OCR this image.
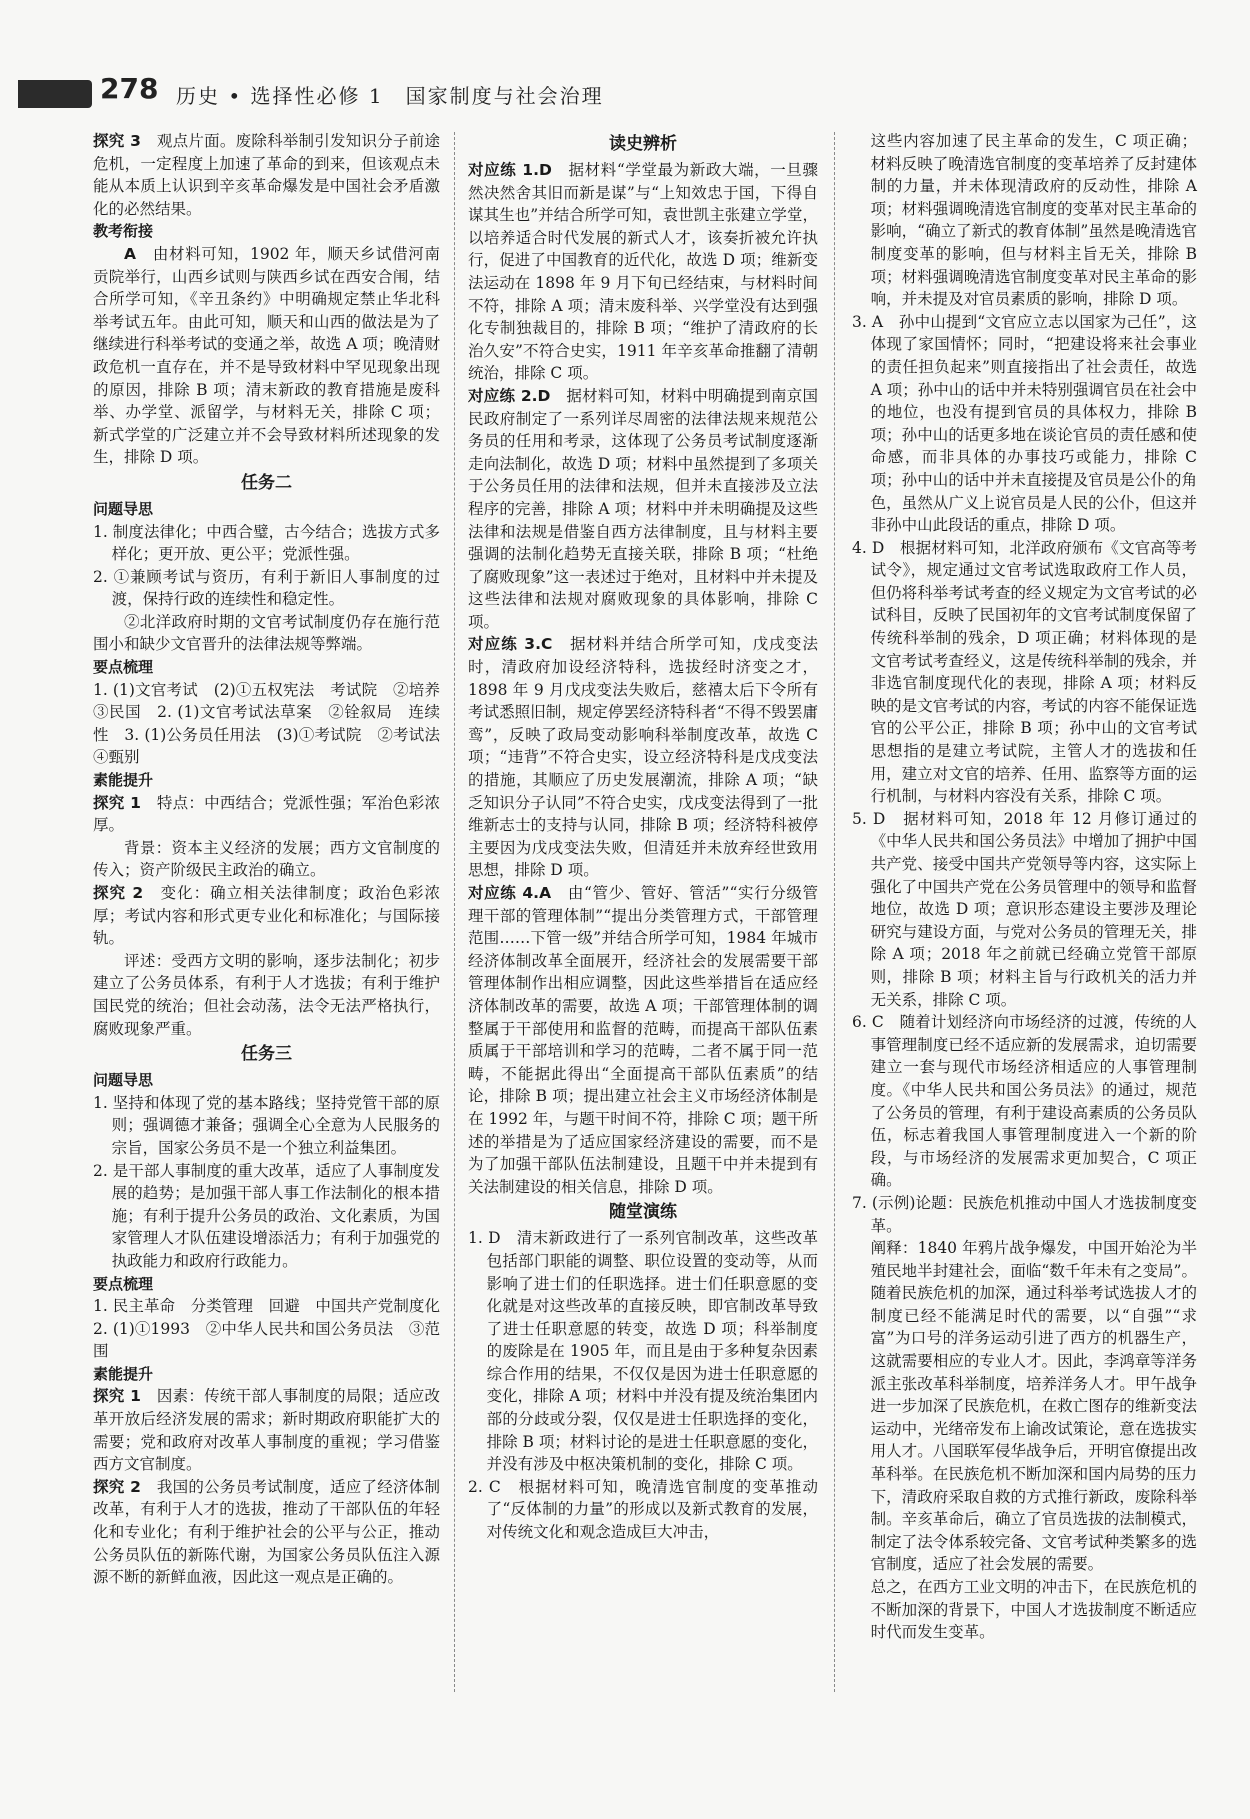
278 历史 • 选择性必修 1　国家制度与社会治理
探究 3　 观点片面。废除科举制引发知识分子前途危机，一定程度上加速了革命的到来，但该观点未能从本质上认识到辛亥革命爆发是中国社会矛盾激化的必然结果。
教考衔接
A　 由材料可知，1902 年，顺天乡试借河南贡院举行，山西乡试则与陕西乡试在西安合闱，结合所学可知，《辛丑条约》中明确规定禁止华北科举考试五年。由此可知，顺天和山西的做法是为了继续进行科举考试的变通之举，故选 A 项；晚清财政危机一直存在，并不是导致材料中罕见现象出现的原因，排除 B 项；清末新政的教育措施是废科举、办学堂、派留学，与材料无关，排除 C 项；新式学堂的广泛建立并不会导致材料所述现象的发生，排除 D 项。
任务二
问题导思
1. 制度法律化；中西合璧，古今结合；选拔方式多样化；更开放、更公平；党派性强。
2. ①兼顾考试与资历，有利于新旧人事制度的过渡，保持行政的连续性和稳定性。
②北洋政府时期的文官考试制度仍存在施行范围小和缺少文官晋升的法律法规等弊端。
要点梳理
1. (1)文官考试　(2)①五权宪法　考试院　②培养　③民国　2. (1)文官考试法草案　②铨叙局　连续性　3. (1)公务员任用法　(3)①考试院　②考试法　④甄别
素能提升
探究 1　 特点：中西结合；党派性强；军治色彩浓厚。
背景：资本主义经济的发展；西方文官制度的传入；资产阶级民主政治的确立。
探究 2　 变化：确立相关法律制度；政治色彩浓厚；考试内容和形式更专业化和标准化；与国际接轨。
评述：受西方文明的影响，逐步法制化；初步建立了公务员体系，有利于人才选拔；有利于维护国民党的统治；但社会动荡，法令无法严格执行，腐败现象严重。
任务三
问题导思
1. 坚持和体现了党的基本路线；坚持党管干部的原则；强调德才兼备；强调全心全意为人民服务的宗旨，国家公务员不是一个独立利益集团。
2. 是干部人事制度的重大改革，适应了人事制度发展的趋势；是加强干部人事工作法制化的根本措施；有利于提升公务员的政治、文化素质，为国家管理人才队伍建设增添活力；有利于加强党的执政能力和政府行政能力。
要点梳理
1. 民主革命　分类管理　回避　中国共产党制度化　2. (1)①1993　②中华人民共和国公务员法　③范围
素能提升
探究 1　 因素：传统干部人事制度的局限；适应改革开放后经济发展的需求；新时期政府职能扩大的需要；党和政府对改革人事制度的重视；学习借鉴西方文官制度。
探究 2　 我国的公务员考试制度，适应了经济体制改革，有利于人才的选拔，推动了干部队伍的年轻化和专业化；有利于维护社会的公平与公正，推动公务员队伍的新陈代谢，为国家公务员队伍注入源源不断的新鲜血液，因此这一观点是正确的。
读史辨析
对应练 1.D　 据材料“学堂最为新政大端，一旦骤然决然舍其旧而新是谋”与“上知效忠于国，下得自谋其生也”并结合所学可知，袁世凯主张建立学堂，以培养适合时代发展的新式人才，该奏折被允许执行，促进了中国教育的近代化，故选 D 项；维新变法运动在 1898 年 9 月下旬已经结束，与材料时间不符，排除 A 项；清末废科举、兴学堂没有达到强化专制独裁目的，排除 B 项；“维护了清政府的长治久安”不符合史实，1911 年辛亥革命推翻了清朝统治，排除 C 项。
对应练 2.D　 据材料可知，材料中明确提到南京国民政府制定了一系列详尽周密的法律法规来规范公务员的任用和考录，这体现了公务员考试制度逐渐走向法制化，故选 D 项；材料中虽然提到了多项关于公务员任用的法律和法规，但并未直接涉及立法程序的完善，排除 A 项；材料中并未明确提及这些法律和法规是借鉴自西方法律制度，且与材料主要强调的法制化趋势无直接关联，排除 B 项；“杜绝了腐败现象”这一表述过于绝对，且材料中并未提及这些法律和法规对腐败现象的具体影响，排除 C 项。
对应练 3.C　 据材料并结合所学可知，戊戌变法时，清政府加设经济特科，选拔经时济变之才，1898 年 9 月戊戌变法失败后，慈禧太后下令所有考试悉照旧制，规定停罢经济特科者“不得不毁罢庸鸾”，反映了政局变动影响科举制度改革，故选 C 项；“违背”不符合史实，设立经济特科是戊戌变法的措施，其顺应了历史发展潮流，排除 A 项；“缺乏知识分子认同”不符合史实，戊戌变法得到了一批维新志士的支持与认同，排除 B 项；经济特科被停主要因为戊戌变法失败，但清廷并未放弃经世致用思想，排除 D 项。
对应练 4.A　 由“管少、管好、管活”“实行分级管理干部的管理体制”“提出分类管理方式，干部管理范围……下管一级”并结合所学可知，1984 年城市经济体制改革全面展开，经济社会的发展需要干部管理体制作出相应调整，因此这些举措旨在适应经济体制改革的需要，故选 A 项；干部管理体制的调整属于干部使用和监督的范畴，而提高干部队伍素质属于干部培训和学习的范畴，二者不属于同一范畴，不能据此得出“全面提高干部队伍素质”的结论，排除 B 项；提出建立社会主义市场经济体制是在 1992 年，与题干时间不符，排除 C 项；题干所述的举措是为了适应国家经济建设的需要，而不是为了加强干部队伍法制建设，且题干中并未提到有关法制建设的相关信息，排除 D 项。
随堂演练
1. D　清末新政进行了一系列官制改革，这些改革包括部门职能的调整、职位设置的变动等，从而影响了进士们的任职选择。进士们任职意愿的变化就是对这些改革的直接反映，即官制改革导致了进士任职意愿的转变，故选 D 项；科举制度的废除是在 1905 年，而且是由于多种复杂因素综合作用的结果，不仅仅是因为进士任职意愿的变化，排除 A 项；材料中并没有提及统治集团内部的分歧或分裂，仅仅是进士任职选择的变化，排除 B 项；材料讨论的是进士任职意愿的变化，并没有涉及中枢决策机制的变化，排除 C 项。
2. C　根据材料可知，晚清选官制度的变革推动了“反体制的力量”的形成以及新式教育的发展，对传统文化和观念造成巨大冲击，
这些内容加速了民主革命的发生，C 项正确；材料反映了晚清选官制度的变革培养了反封建体制的力量，并未体现清政府的反动性，排除 A 项；材料强调晚清选官制度的变革对民主革命的影响，“确立了新式的教育体制”虽然是晚清选官制度变革的影响，但与材料主旨无关，排除 B 项；材料强调晚清选官制度变革对民主革命的影响，并未提及对官员素质的影响，排除 D 项。
3. A　孙中山提到“文官应立志以国家为己任”，这体现了家国情怀；同时，“把建设将来社会事业的责任担负起来”则直接指出了社会责任，故选 A 项；孙中山的话中并未特别强调官员在社会中的地位，也没有提到官员的具体权力，排除 B 项；孙中山的话更多地在谈论官员的责任感和使命感，而非具体的办事技巧或能力，排除 C 项；孙中山的话中并未直接提及官员是公仆的角色，虽然从广义上说官员是人民的公仆，但这并非孙中山此段话的重点，排除 D 项。
4. D　根据材料可知，北洋政府颁布《文官高等考试令》，规定通过文官考试选取政府工作人员，但仍将科举考试考查的经义规定为文官考试的必试科目，反映了民国初年的文官考试制度保留了传统科举制的残余，D 项正确；材料体现的是文官考试考查经义，这是传统科举制的残余，并非选官制度现代化的表现，排除 A 项；材料反映的是文官考试的内容，考试的内容不能保证选官的公平公正，排除 B 项；孙中山的文官考试思想指的是建立考试院，主管人才的选拔和任用，建立对文官的培养、任用、监察等方面的运行机制，与材料内容没有关系，排除 C 项。
5. D　据材料可知，2018 年 12 月修订通过的《中华人民共和国公务员法》中增加了拥护中国共产党、接受中国共产党领导等内容，这实际上强化了中国共产党在公务员管理中的领导和监督地位，故选 D 项；意识形态建设主要涉及理论研究与建设方面，与党对公务员的管理无关，排除 A 项；2018 年之前就已经确立党管干部原则，排除 B 项；材料主旨与行政机关的活力并无关系，排除 C 项。
6. C　随着计划经济向市场经济的过渡，传统的人事管理制度已经不适应新的发展需求，迫切需要建立一套与现代市场经济相适应的人事管理制度。《中华人民共和国公务员法》的通过，规范了公务员的管理，有利于建设高素质的公务员队伍，标志着我国人事管理制度进入一个新的阶段，与市场经济的发展需求更加契合，C 项正确。
7. (示例)论题：民族危机推动中国人才选拔制度变革。
阐释：1840 年鸦片战争爆发，中国开始沦为半殖民地半封建社会，面临“数千年未有之变局”。随着民族危机的加深，通过科举考试选拔人才的制度已经不能满足时代的需要，以“自强”“求富”为口号的洋务运动引进了西方的机器生产，这就需要相应的专业人才。因此，李鸿章等洋务派主张改革科举制度，培养洋务人才。甲午战争进一步加深了民族危机，在救亡图存的维新变法运动中，光绪帝发布上谕改试策论，意在选拔实用人才。八国联军侵华战争后，开明官僚提出改革科举。在民族危机不断加深和国内局势的压力下，清政府采取自救的方式推行新政，废除科举制。辛亥革命后，确立了官员选拔的法制模式，制定了法令体系较完备、文官考试种类繁多的选官制度，适应了社会发展的需要。
总之，在西方工业文明的冲击下，在民族危机的不断加深的背景下，中国人才选拔制度不断适应时代而发生变革。
